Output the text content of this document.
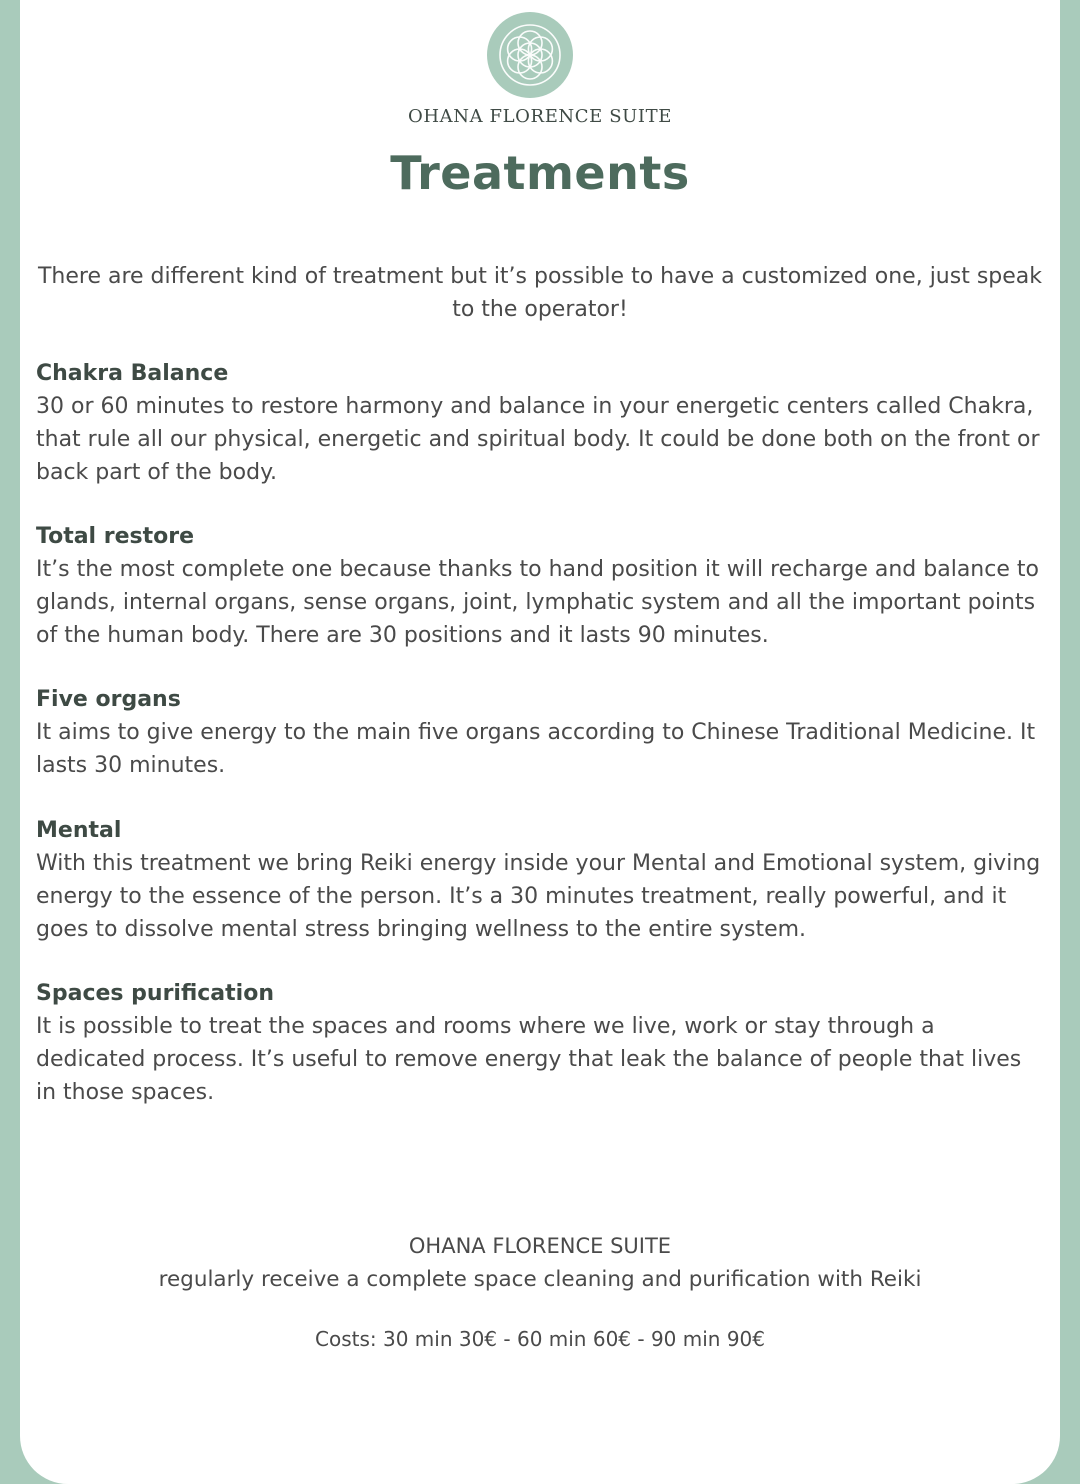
OHANA FLORENCE SUITE
Treatments
There are different kind of treatment but it’s possible to have a customized one, just speak to the operator!

Chakra Balance

30 or 60 minutes to restore harmony and balance in your energetic centers called Chakra, that rule all our physical, energetic and spiritual body. It could be done both on the front or back part of the body.

Total restore

It’s the most complete one because thanks to hand position it will recharge and balance to glands, internal organs, sense organs, joint, lymphatic system and all the important points of the human body. There are 30 positions and it lasts 90 minutes.

Five organs

It aims to give energy to the main five organs according to Chinese Traditional Medicine. It lasts 30 minutes.

Mental

With this treatment we bring Reiki energy inside your Mental and Emotional system, giving energy to the essence of the person. It’s a 30 minutes treatment, really powerful, and it goes to dissolve mental stress bringing wellness to the entire system.

Spaces purification

It is possible to treat the spaces and rooms where we live, work or stay through a dedicated process. It’s useful to remove energy that leak the balance of people that lives in those spaces.

OHANA FLORENCE SUITE
regularly receive a complete space cleaning and purification with Reiki
Costs: 30 min 30€ - 60 min 60€ - 90 min 90€
